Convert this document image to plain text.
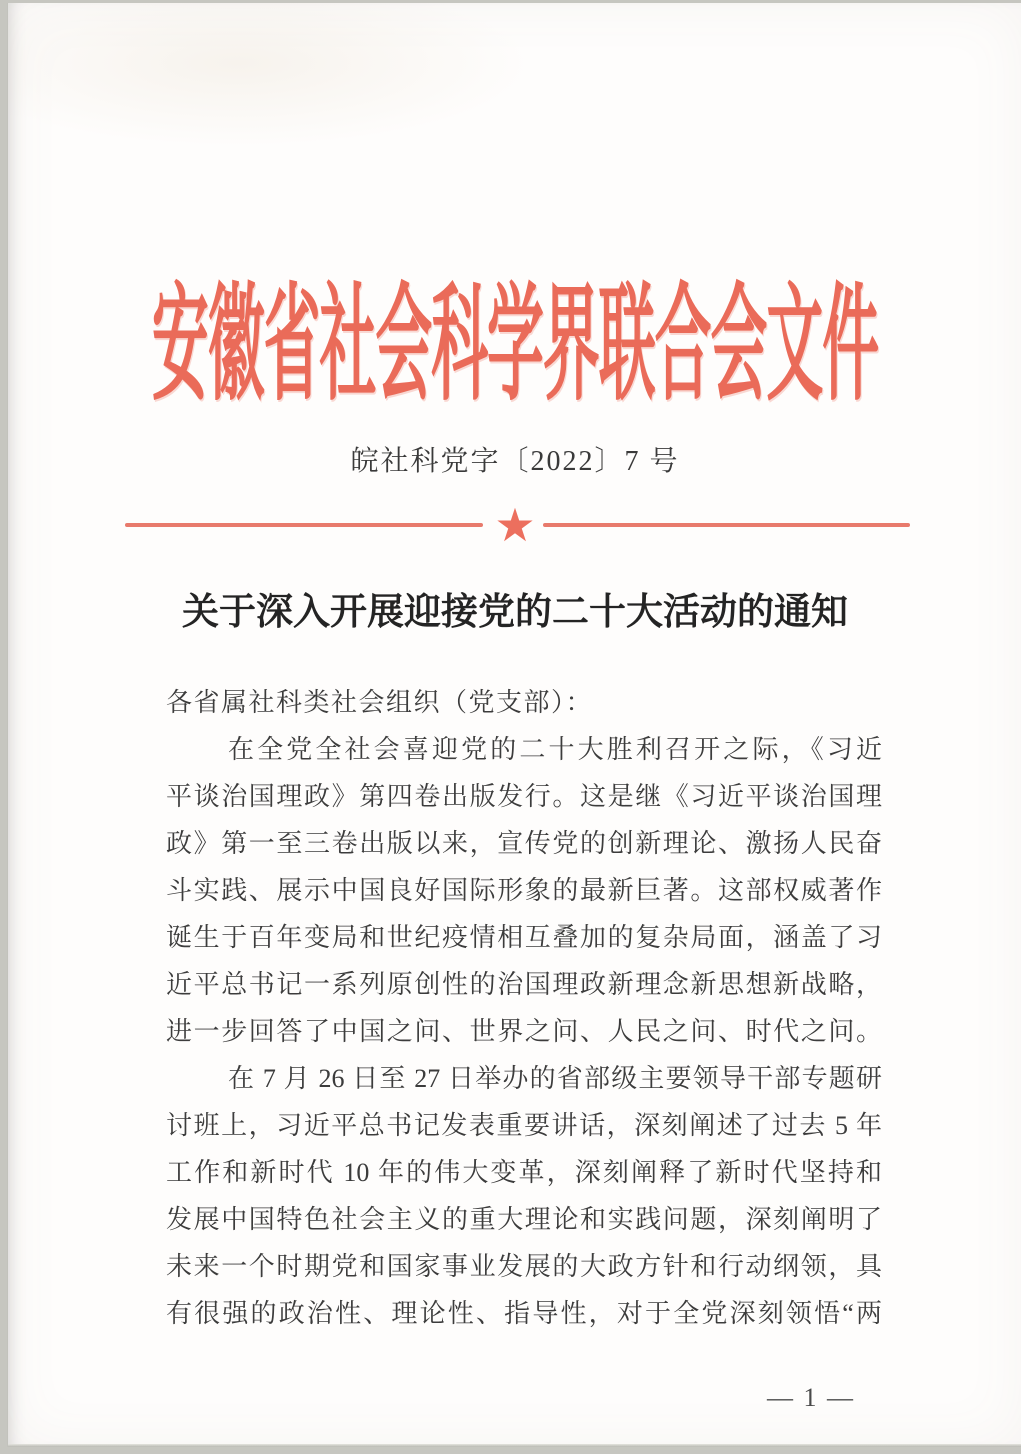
安徽省社会科学界联合会文件
皖社科党字〔2022〕7 号
★
关于深入开展迎接党的二十大活动的通知
各省属社科类社会组织（党支部）：
在全党全社会喜迎党的二十大胜利召开之际，《习近
平谈治国理政》第四卷出版发行。这是继《习近平谈治国理
政》第一至三卷出版以来，宣传党的创新理论、激扬人民奋
斗实践、展示中国良好国际形象的最新巨著。这部权威著作
诞生于百年变局和世纪疫情相互叠加的复杂局面，涵盖了习
近平总书记一系列原创性的治国理政新理念新思想新战略，
进一步回答了中国之问、世界之问、人民之问、时代之问。
在 7 月 26 日至 27 日举办的省部级主要领导干部专题研
讨班上，习近平总书记发表重要讲话，深刻阐述了过去 5 年
工作和新时代 10 年的伟大变革，深刻阐释了新时代坚持和
发展中国特色社会主义的重大理论和实践问题，深刻阐明了
未来一个时期党和国家事业发展的大政方针和行动纲领，具
有很强的政治性、理论性、指导性，对于全党深刻领悟“两
— 1 —
